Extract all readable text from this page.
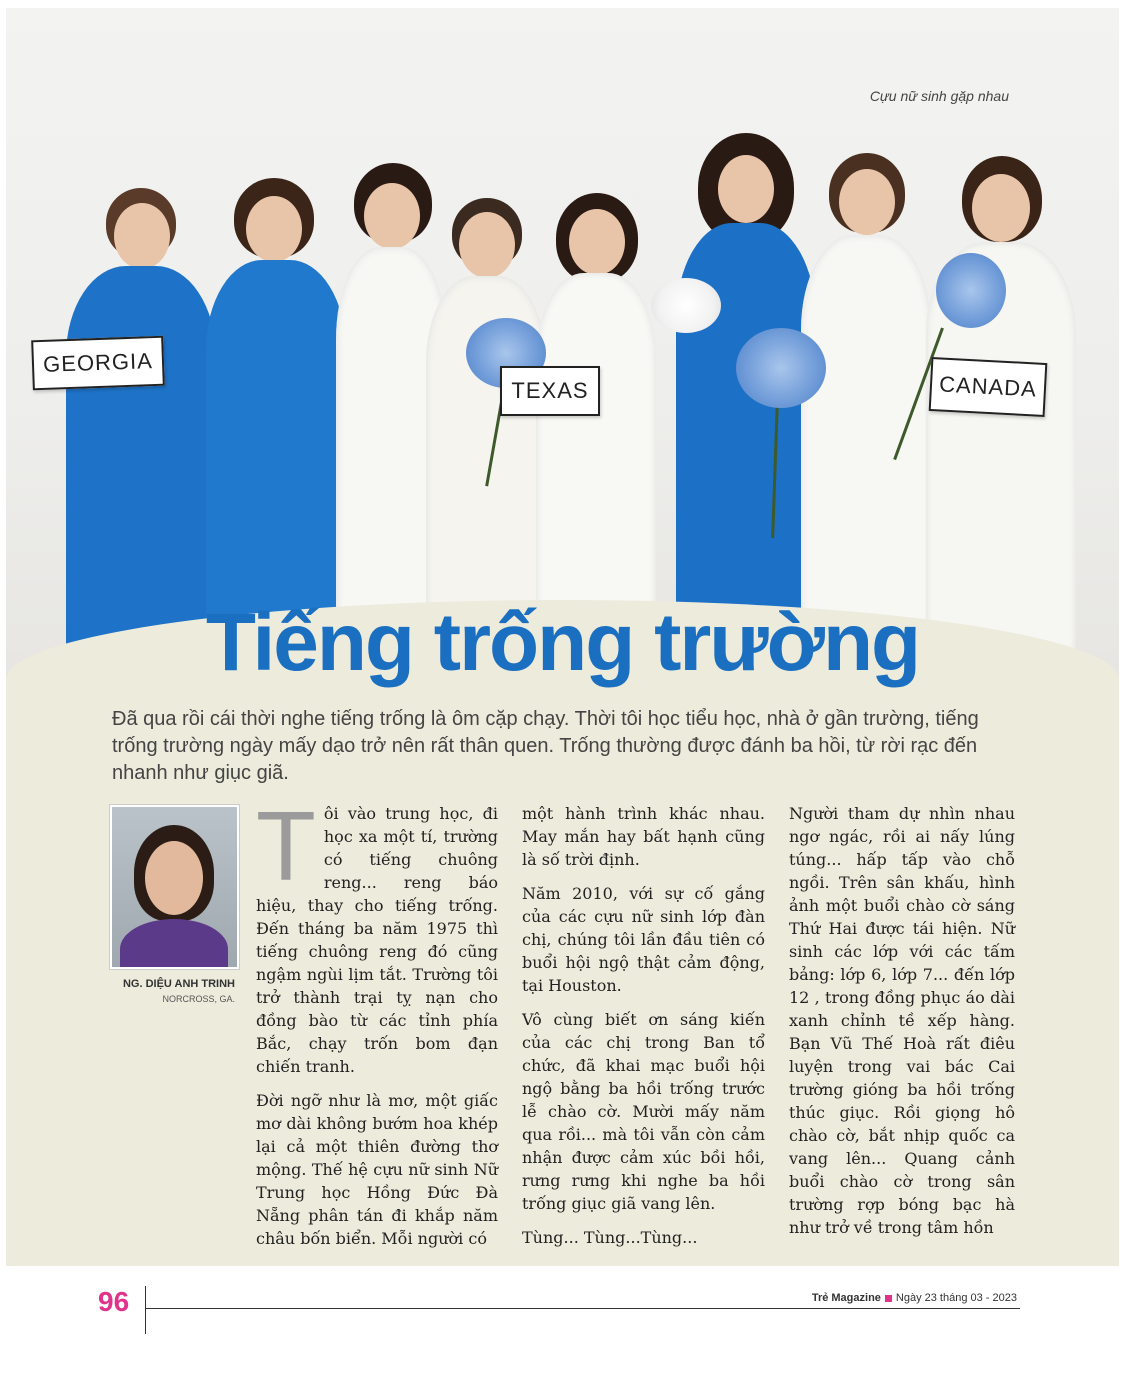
Cựu nữ sinh gặp nhau
GEORGIA
TEXAS	CANADA
Tiếng trống trường
Đã qua rồi cái thời nghe tiếng trống là ôm cặp chạy. Thời tôi học tiểu học, nhà ở gần trường, tiếng trống trường ngày mấy dạo trở nên rất thân quen. Trống thường được đánh ba hồi, từ rời rạc đến nhanh như giục giã.
NG. DIỆU ANH TRINH
NORCROSS, GA.

Tôi vào trung học, đi học xa một tí, trường có tiếng chuông reng... reng báo hiệu, thay cho tiếng trống. Đến tháng ba năm 1975 thì tiếng chuông reng đó cũng ngậm ngùi lịm tắt. Trường tôi trở thành trại tỵ nạn cho đồng bào từ các tỉnh phía Bắc, chạy trốn bom đạn chiến tranh.

Đời ngỡ như là mơ, một giấc mơ dài không bướm hoa khép lại cả một thiên đường thơ mộng. Thế hệ cựu nữ sinh Nữ Trung học Hồng Đức Đà Nẵng phân tán đi khắp năm châu bốn biển. Mỗi người có

một hành trình khác nhau. May mắn hay bất hạnh cũng là số trời định.

Năm 2010, với sự cố gắng của các cựu nữ sinh lớp đàn chị, chúng tôi lần đầu tiên có buổi hội ngộ thật cảm động, tại Houston.

Vô cùng biết ơn sáng kiến của các chị trong Ban tổ chức, đã khai mạc buổi hội ngộ bằng ba hồi trống trước lễ chào cờ. Mười mấy năm qua rồi... mà tôi vẫn còn cảm nhận được cảm xúc bồi hồi, rưng rưng khi nghe ba hồi trống giục giã vang lên.

Tùng... Tùng...Tùng...

Người tham dự nhìn nhau ngơ ngác, rồi ai nấy lúng túng... hấp tấp vào chỗ ngồi. Trên sân khấu, hình ảnh một buổi chào cờ sáng Thứ Hai được tái hiện. Nữ sinh các lớp với các tấm bảng: lớp 6, lớp 7... đến lớp 12 , trong đồng phục áo dài xanh chỉnh tề xếp hàng. Bạn Vũ Thế Hoà rất điêu luyện trong vai bác Cai trường gióng ba hồi trống thúc giục. Rồi giọng hô chào cờ, bắt nhịp quốc ca vang lên... Quang cảnh buổi chào cờ trong sân trường rợp bóng bạc hà như trở về trong tâm hồn

96	Trẻ Magazine Ngày 23 tháng 03 - 2023
